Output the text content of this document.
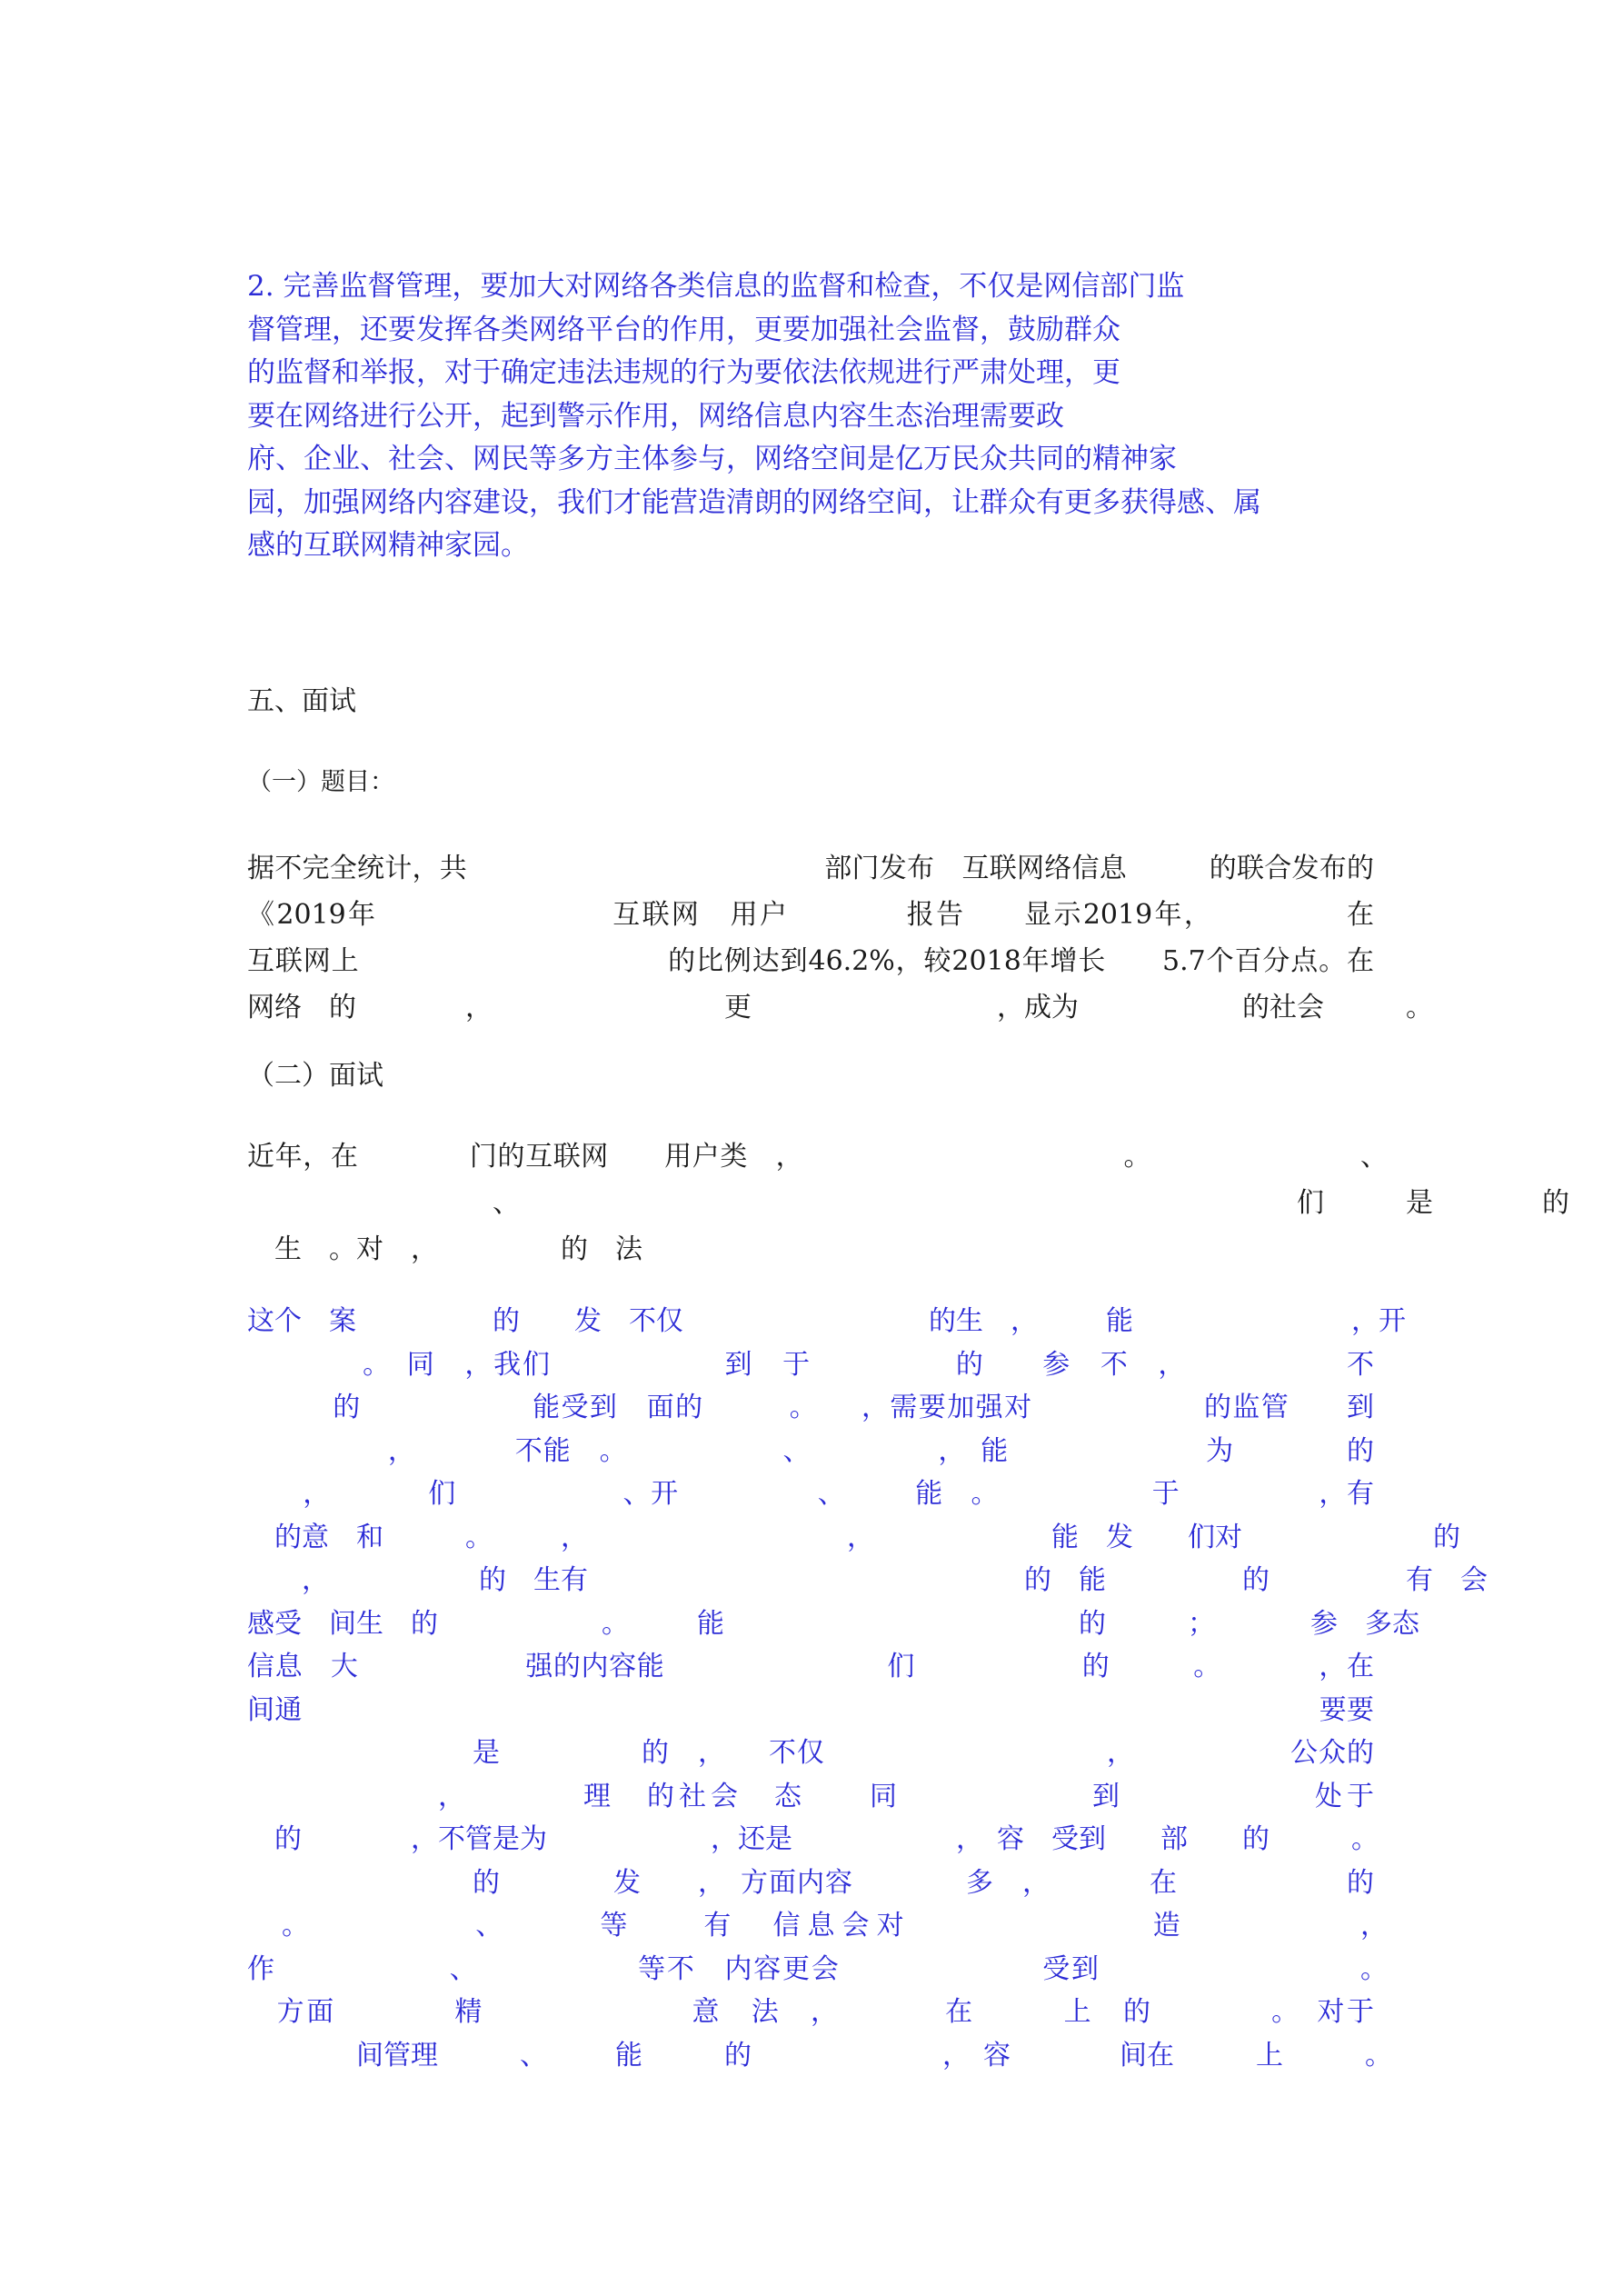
2. 完善监督管理，要加大对网络各类信息的监督和检查，不仅是网信部门监
督管理，还要发挥各类网络平台的作用，更要加强社会监督，鼓励群众
的监督和举报，对于确定违法违规的行为要依法依规进行严肃处理，更
要在网络进行公开，起到警示作用，网络信息内容生态治理需要政
府、企业、社会、网民等多方主体参与，网络空间是亿万民众共同的精神家
园，加强网络内容建设，我们才能营造清朗的网络空间，让群众有更多获得感、属
感的互联网精神家园。
五、面试　　　　　　　　　　　　　　　　
（一）题目：
据不完全统计，共　　　　　　　　　　　　　部门发布　互联网络信息　　　的联合发布的
《2019年　　　　　　　　互联网　用户　　　　报告　　显示2019年，　　　　　在
互联网上　　　　　　　　　　　的比例达到46.2%，较2018年增长　　5.7个百分点。在
网络　的　　　　，　　　　　　　　　更　　　　　　　　　，成为　　　　　　的社会　　　。
（二）面试　　　　
近年，在　　　　门的互联网　　用户类　，　　　　　　　　　　　　。　　　　　　　　、　
　　　　　　　　　、　　　　　　　　　　　　　　　　　　　　　　　　　　　　　们　　　是　　　　的　
　生　。对　，　　　　　的　法
这个　案　　　　　的　　发　不仅　　　　　　　　　的生　，　　　能　　　　　　　　，开
　　　　。　同　，我们　　　　　　到　于　　　　　的　　参　不　，　　　　　　不　
　　　的　　　　　　能受到　面的　　　。　　，需要加强对　　　　　　的监管　　到
　　　　　，　　　　不能　。　　　　　　、　　　　　，　能　　　　　　　为　　　　的　　
　　，　　　　们　　　　　　、开　　　　　、　　　能　。　　　　　　于　　　　　，有　　
　的意　和　　　。　　　，　　　　　　　　　　，　　　　　　　能　发　　们对　　　　　　　的
　　，　　　　　　的　生有　　　　　　　　　　　　　　　　的　能　　　　　的　　　　　有　会
感受　间生　的　　　　　　。　　　能　　　　　　　　　　　　　的　　　；　　　　参　多态
信息　大　　　　　　强的内容能　　　　　　　　们　　　　　　的　　　。　　　　，在　　　　
间通　　　　　　　　　　　　　　　　　　　　　　　　　　　　　　　　　　　　　要要　　
　　　　　　　　是　　　　　的　，　　不仅　　　　　　　　　　，　　　　　　公众的
　　　　　　，　　　　理　的社会　态　　同　　　　　　到　　　　　　处于　　　　　
　的　　　　，不管是为　　　　　　，还是　　　　　　，　容　受到　　部　　的　　　。
　　　　　　　　的　　　　发　　，　方面内容　　　　多　，　　　　在　　　　　　的　
　。　　　　　、　　　等　　有　信息会对　　　　　　　造　　　　　，　　　　　
作　　　　　　、　　　　　　等不　内容更会　　　　　　　受到　　　　　　　　　。　
　方面　　　　精　　　　　　　意　法　，　　　　在　　　上　的　　　　。　对于　
　　　　间管理　　　、　　　能　　　的　　　　　　　，　容　　　　间在　　　上　　　。
